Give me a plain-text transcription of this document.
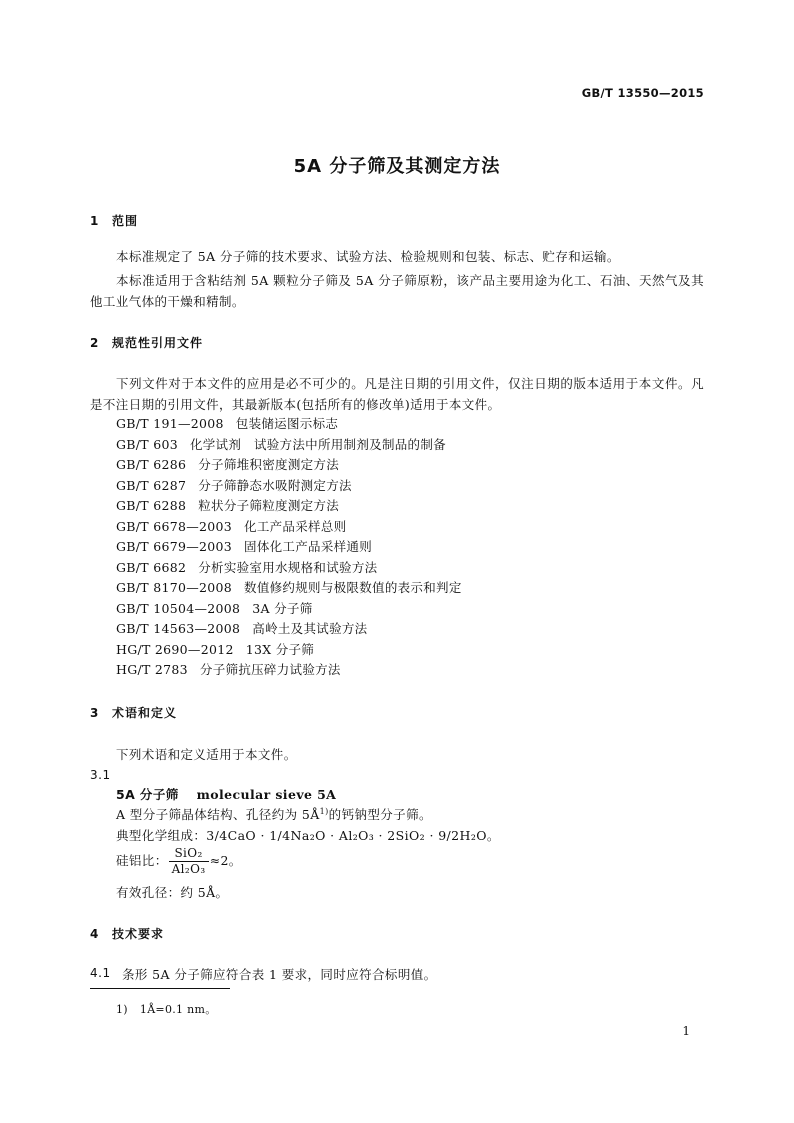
GB/T 13550—2015
5A 分子筛及其测定方法
1 范围
本标准规定了 5A 分子筛的技术要求、试验方法、检验规则和包装、标志、贮存和运输。
本标准适用于含粘结剂 5A 颗粒分子筛及 5A 分子筛原粉，该产品主要用途为化工、石油、天然气及其他工业气体的干燥和精制。
2 规范性引用文件
下列文件对于本文件的应用是必不可少的。凡是注日期的引用文件，仅注日期的版本适用于本文件。凡是不注日期的引用文件，其最新版本(包括所有的修改单)适用于本文件。
GB/T 191—2008 包装储运图示标志
GB/T 603 化学试剂　试验方法中所用制剂及制品的制备
GB/T 6286 分子筛堆积密度测定方法
GB/T 6287 分子筛静态水吸附测定方法
GB/T 6288 粒状分子筛粒度测定方法
GB/T 6678—2003 化工产品采样总则
GB/T 6679—2003 固体化工产品采样通则
GB/T 6682 分析实验室用水规格和试验方法
GB/T 8170—2008 数值修约规则与极限数值的表示和判定
GB/T 10504—2008 3A 分子筛
GB/T 14563—2008 高岭土及其试验方法
HG/T 2690—2012 13X 分子筛
HG/T 2783 分子筛抗压碎力试验方法
3 术语和定义
下列术语和定义适用于本文件。
3.1
5A 分子筛 molecular sieve 5A
A 型分子筛晶体结构、孔径约为 $5Å^{1)}$的钙钠型分子筛。
典型化学组成：3/4CaO · 1/4Na₂O · Al₂O₃ · 2SiO₂ · 9/2H₂O。
硅铝比： $\frac{\text{SiO₂}}{\text{Al₂O₃}} \approx 2$。
有效孔径：约 5Å。
4 技术要求
4.1 条形 5A 分子筛应符合表 1 要求，同时应符合标明值。
1) 1Å=0.1 nm。
1
